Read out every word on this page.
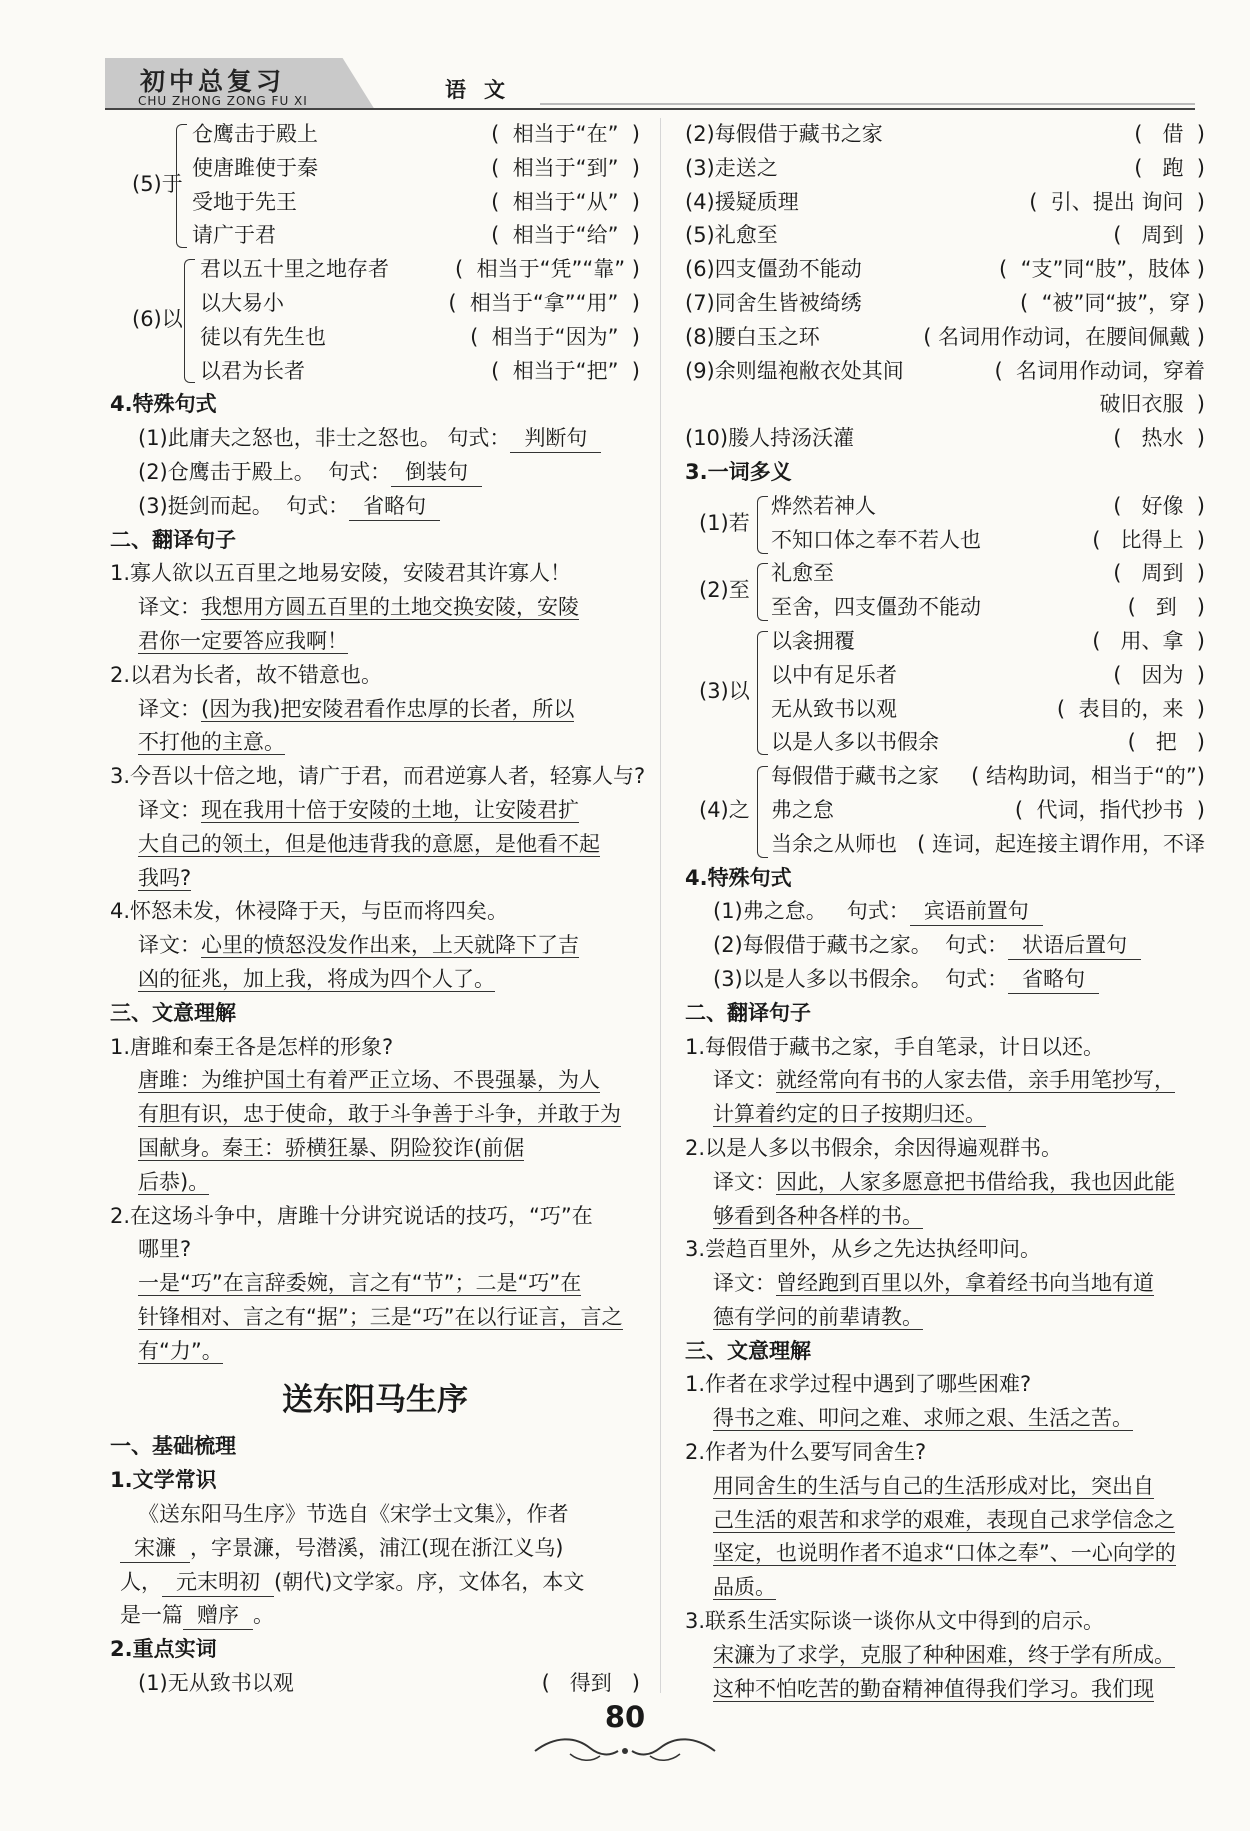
初中总复习
CHU ZHONG ZONG FU XI	语文
(5)于
仓鹰击于殿上	(  相当于“在”  )
使唐雎使于秦	(  相当于“到”  )
受地于先王	(  相当于“从”  )
请广于君	(  相当于“给”  )
(6)以
君以五十里之地存者	(  相当于“凭”“靠” )
以大易小	(  相当于“拿”“用”  )
徒以有先生也	(  相当于“因为”  )
以君为长者	(  相当于“把”  )
4.特殊句式
(1)此庸夫之怒也，非士之怒也。 句式： 判断句
(2)仓鹰击于殿上。 句式： 倒装句
(3)挺剑而起。 句式： 省略句
二、翻译句子
1.寡人欲以五百里之地易安陵，安陵君其许寡人！
译文：我想用方圆五百里的土地交换安陵，安陵
君你一定要答应我啊！
2.以君为长者，故不错意也。
译文：(因为我)把安陵君看作忠厚的长者，所以
不打他的主意。
3.今吾以十倍之地，请广于君，而君逆寡人者，轻寡人与?
译文：现在我用十倍于安陵的土地，让安陵君扩
大自己的领土，但是他违背我的意愿，是他看不起
我吗?
4.怀怒未发，休祲降于天，与臣而将四矣。
译文：心里的愤怒没发作出来，上天就降下了吉
凶的征兆，加上我，将成为四个人了。
三、文意理解
1.唐雎和秦王各是怎样的形象?
唐雎：为维护国土有着严正立场、不畏强暴，为人
有胆有识，忠于使命，敢于斗争善于斗争，并敢于为
国献身。秦王：骄横狂暴、阴险狡诈(前倨
后恭)。
2.在这场斗争中，唐雎十分讲究说话的技巧，“巧”在
哪里?
一是“巧”在言辞委婉，言之有“节”；二是“巧”在
针锋相对、言之有“据”；三是“巧”在以行证言，言之
有“力”。
送东阳马生序
一、基础梳理
1.文学常识
《送东阳马生序》节选自《宋学士文集》，作者
宋濂 ，字景濂，号潜溪，浦江(现在浙江义乌)
人， 元末明初 (朝代)文学家。序，文体名，本文
是一篇 赠序 。
2.重点实词
(1)无从致书以观	(   得到   )
(2)每假借于藏书之家	(   借  )
(3)走送之	(   跑  )
(4)援疑质理	(  引、提出 询问  )
(5)礼愈至	(   周到  )
(6)四支僵劲不能动	(  “支”同“肢”，肢体 )
(7)同舍生皆被绮绣	(  “被”同“披”，穿 )
(8)腰白玉之环	( 名词用作动词，在腰间佩戴 )
(9)余则缊袍敝衣处其间	(  名词用作动词，穿着
破旧衣服  )
(10)媵人持汤沃灌	(   热水  )
3.一词多义
(1)若
烨然若神人	(   好像  )
不知口体之奉不若人也	(   比得上  )
(2)至
礼愈至	(   周到  )
至舍，四支僵劲不能动	(   到   )
(3)以
以衾拥覆	(   用、拿  )
以中有足乐者	(   因为  )
无从致书以观	(  表目的，来  )
以是人多以书假余	(   把   )
(4)之
每假借于藏书之家 ( 结构助词，相当于“的”)
弗之怠	(  代词，指代抄书  )
当余之从师也 ( 连词，起连接主谓作用，不译
4.特殊句式
(1)弗之怠。 句式： 宾语前置句
(2)每假借于藏书之家。 句式： 状语后置句
(3)以是人多以书假余。 句式： 省略句
二、翻译句子
1.每假借于藏书之家，手自笔录，计日以还。
译文：就经常向有书的人家去借，亲手用笔抄写，
计算着约定的日子按期归还。
2.以是人多以书假余，余因得遍观群书。
译文：因此，人家多愿意把书借给我，我也因此能
够看到各种各样的书。
3.尝趋百里外，从乡之先达执经叩问。
译文：曾经跑到百里以外，拿着经书向当地有道
德有学问的前辈请教。
三、文意理解
1.作者在求学过程中遇到了哪些困难?
得书之难、叩问之难、求师之艰、生活之苦。
2.作者为什么要写同舍生?
用同舍生的生活与自己的生活形成对比，突出自
己生活的艰苦和求学的艰难，表现自己求学信念之
坚定，也说明作者不追求“口体之奉”、一心向学的
品质。
3.联系生活实际谈一谈你从文中得到的启示。
宋濂为了求学，克服了种种困难，终于学有所成。
这种不怕吃苦的勤奋精神值得我们学习。我们现
80
